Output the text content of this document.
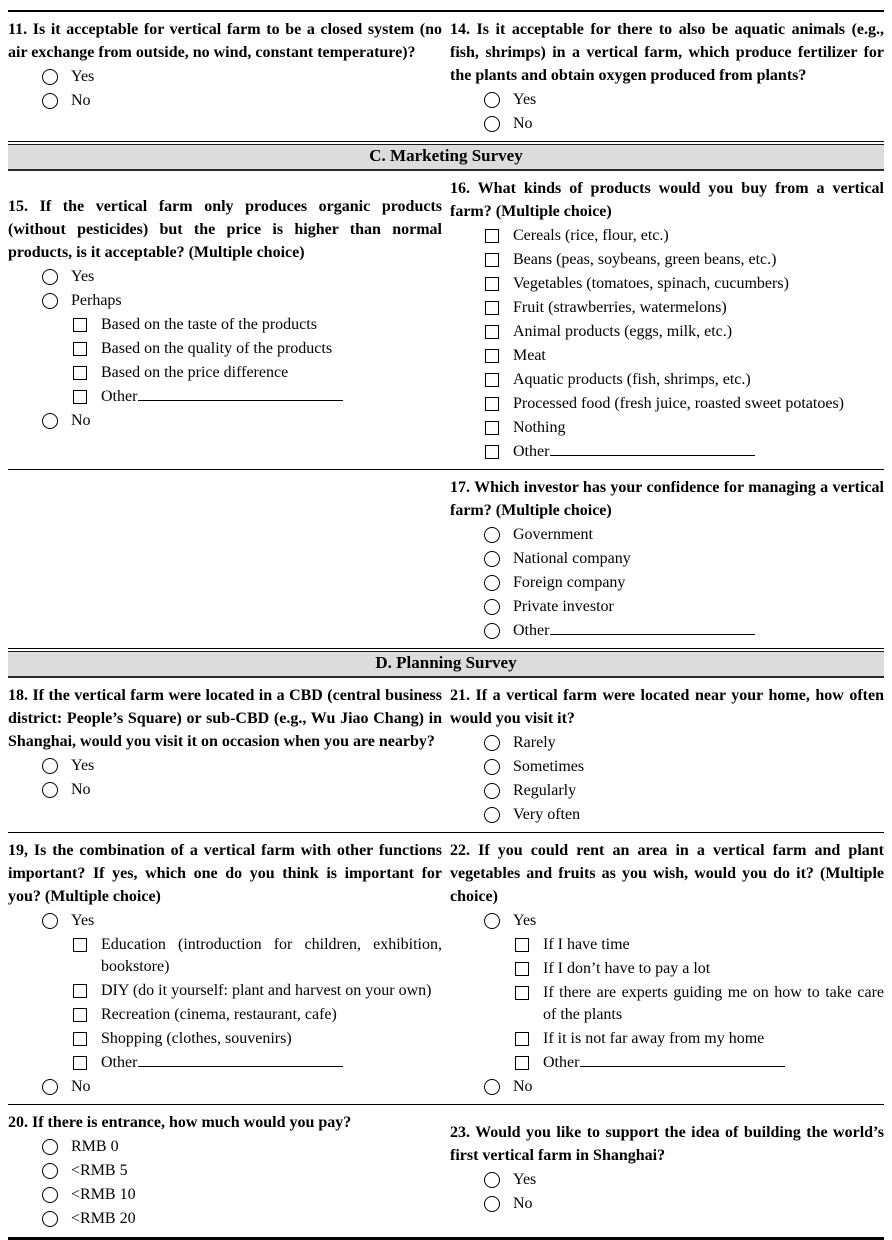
11. Is it acceptable for vertical farm to be a closed system (no air exchange from outside, no wind, constant temperature)?

Yes
No

14. Is it acceptable for there to also be aquatic animals (e.g., fish, shrimps) in a vertical farm, which produce fertilizer for the plants and obtain oxygen produced from plants?

Yes
No
C. Marketing Survey

15. If the vertical farm only produces organic products (without pesticides) but the price is higher than normal products, is it acceptable? (Multiple choice)

Yes
Perhaps
Based on the taste of the products
Based on the quality of the products
Based on the price difference
Other
No

16. What kinds of products would you buy from a vertical farm? (Multiple choice)

Cereals (rice, flour, etc.)
Beans (peas, soybeans, green beans, etc.)
Vegetables (tomatoes, spinach, cucumbers)
Fruit (strawberries, watermelons)
Animal products (eggs, milk, etc.)
Meat
Aquatic products (fish, shrimps, etc.)
Processed food (fresh juice, roasted sweet potatoes)
Nothing
Other

17. Which investor has your confidence for managing a vertical farm? (Multiple choice)

Government
National company
Foreign company
Private investor
Other
D. Planning Survey

18. If the vertical farm were located in a CBD (central business district: People’s Square) or sub-CBD (e.g., Wu Jiao Chang) in Shanghai, would you visit it on occasion when you are nearby?

Yes
No

21. If a vertical farm were located near your home, how often would you visit it?

Rarely
Sometimes
Regularly
Very often

19, Is the combination of a vertical farm with other functions important? If yes, which one do you think is important for you? (Multiple choice)

Yes
Education (introduction for children, exhibition, bookstore)
DIY (do it yourself: plant and harvest on your own)
Recreation (cinema, restaurant, cafe)
Shopping (clothes, souvenirs)
Other
No

22. If you could rent an area in a vertical farm and plant vegetables and fruits as you wish, would you do it? (Multiple choice)

Yes
If I have time
If I don’t have to pay a lot
If there are experts guiding me on how to take care of the plants
If it is not far away from my home
Other
No

20. If there is entrance, how much would you pay?

RMB 0
<RMB 5
<RMB 10
<RMB 20

23. Would you like to support the idea of building the world’s first vertical farm in Shanghai?

Yes
No
